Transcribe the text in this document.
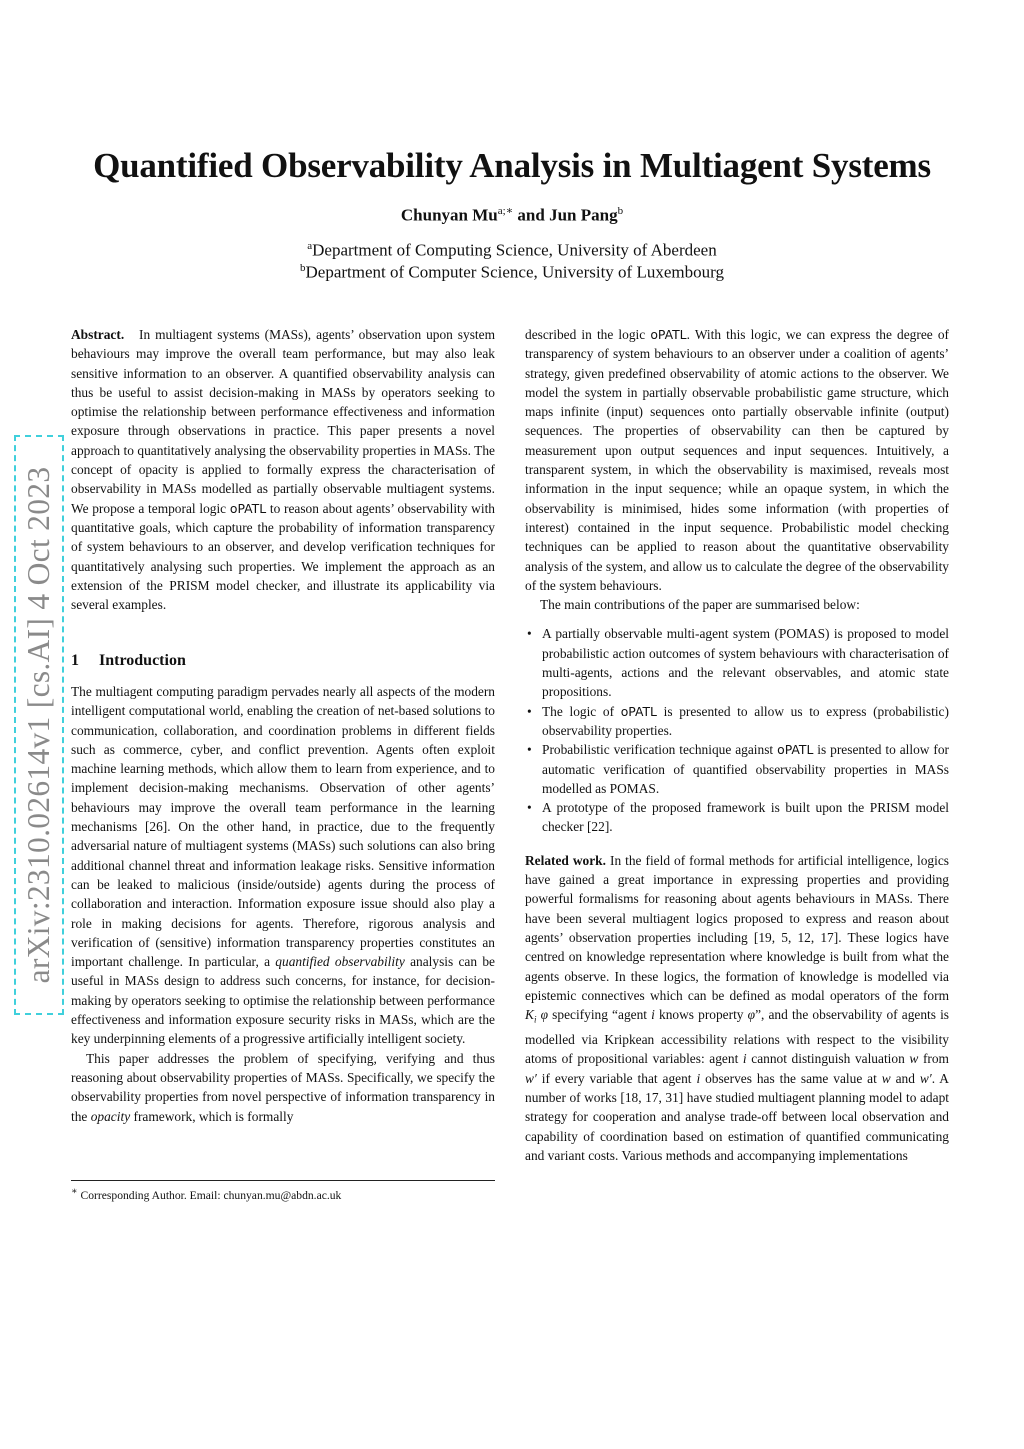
arXiv:2310.02614v1 [cs.AI] 4 Oct 2023
Quantified Observability Analysis in Multiagent Systems
Chunyan $Mu^{a;∗}$ and Jun Pang$^b$
$^a$Department of Computing Science, University of Aberdeen
$^b$Department of Computer Science, University of Luxembourg

Abstract. In multiagent systems (MASs), agents’ observation upon system behaviours may improve the overall team performance, but may also leak sensitive information to an observer. A quantified observability analysis can thus be useful to assist decision-making in MASs by operators seeking to optimise the relationship between performance effectiveness and information exposure through observations in practice. This paper presents a novel approach to quantitatively analysing the observability properties in MASs. The concept of opacity is applied to formally express the characterisation of observability in MASs modelled as partially observable multiagent systems. We propose a temporal logic oPATL to reason about agents’ observability with quantitative goals, which capture the probability of information transparency of system behaviours to an observer, and develop verification techniques for quantitatively analysing such properties. We implement the approach as an extension of the PRISM model checker, and illustrate its applicability via several examples.

1 Introduction

The multiagent computing paradigm pervades nearly all aspects of the modern intelligent computational world, enabling the creation of net-based solutions to communication, collaboration, and coordination problems in different fields such as commerce, cyber, and conflict prevention. Agents often exploit machine learning methods, which allow them to learn from experience, and to implement decision-making mechanisms. Observation of other agents’ behaviours may improve the overall team performance in the learning mechanisms [26]. On the other hand, in practice, due to the frequently adversarial nature of multiagent systems (MASs) such solutions can also bring additional channel threat and information leakage risks. Sensitive information can be leaked to malicious (inside/outside) agents during the process of collaboration and interaction. Information exposure issue should also play a role in making decisions for agents. Therefore, rigorous analysis and verification of (sensitive) information transparency properties constitutes an important challenge. In particular, a quantified observability analysis can be useful in MASs design to address such concerns, for instance, for decision-making by operators seeking to optimise the relationship between performance effectiveness and information exposure security risks in MASs, which are the key underpinning elements of a progressive artificially intelligent society.

This paper addresses the problem of specifying, verifying and thus reasoning about observability properties of MASs. Specifically, we specify the observability properties from novel perspective of information transparency in the opacity framework, which is formally

∗ Corresponding Author. Email: chunyan.mu@abdn.ac.uk

described in the logic oPATL. With this logic, we can express the degree of transparency of system behaviours to an observer under a coalition of agents’ strategy, given predefined observability of atomic actions to the observer. We model the system in partially observable probabilistic game structure, which maps infinite (input) sequences onto partially observable infinite (output) sequences. The properties of observability can then be captured by measurement upon output sequences and input sequences. Intuitively, a transparent system, in which the observability is maximised, reveals most information in the input sequence; while an opaque system, in which the observability is minimised, hides some information (with properties of interest) contained in the input sequence. Probabilistic model checking techniques can be applied to reason about the quantitative observability analysis of the system, and allow us to calculate the degree of the observability of the system behaviours.

The main contributions of the paper are summarised below:

• A partially observable multi-agent system (POMAS) is proposed to model probabilistic action outcomes of system behaviours with characterisation of multi-agents, actions and the relevant observables, and atomic state propositions.
• The logic of oPATL is presented to allow us to express (probabilistic) observability properties.
• Probabilistic verification technique against oPATL is presented to allow for automatic verification of quantified observability properties in MASs modelled as POMAS.
• A prototype of the proposed framework is built upon the PRISM model checker [22].

Related work. In the field of formal methods for artificial intelligence, logics have gained a great importance in expressing properties and providing powerful formalisms for reasoning about agents behaviours in MASs. There have been several multiagent logics proposed to express and reason about agents’ observation properties including [19, 5, 12, 17]. These logics have centred on knowledge representation where knowledge is built from what the agents observe. In these logics, the formation of knowledge is modelled via epistemic connectives which can be defined as modal operators of the form $K_i$ φ specifying “agent i knows property φ”, and the observability of agents is modelled via Kripkean accessibility relations with respect to the visibility atoms of propositional variables: agent i cannot distinguish valuation w from w′ if every variable that agent i observes has the same value at w and w′. A number of works [18, 17, 31] have studied multiagent planning model to adapt strategy for cooperation and analyse trade-off between local observation and capability of coordination based on estimation of quantified communicating and variant costs. Various methods and accompanying implementations
